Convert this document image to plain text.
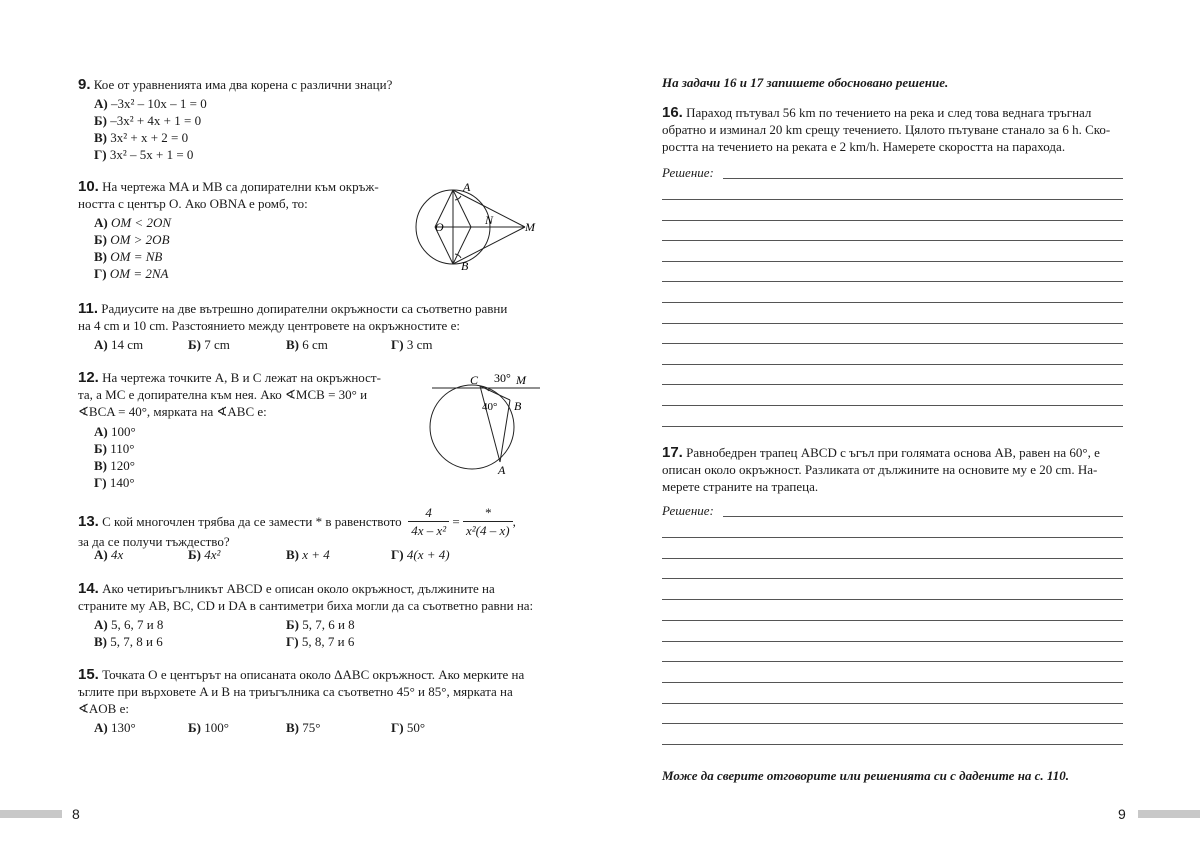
9. Кое от уравненията има два корена с различни знаци?
А) –3x² – 10x – 1 = 0
Б) –3x² + 4x + 1 = 0
В) 3x² + x + 2 = 0
Г) 3x² – 5x + 1 = 0
10. На чертежа MA и MB са допирателни към окръж-
ността с център O. Ако OBNA е ромб, то:
А) OM < 2ON
Б) OM > 2OB
В) OM = NB
Г) OM = 2NA
A
B
O	N	M
11. Радиусите на две вътрешно допирателни окръжности са съответно равни
на 4 cm и 10 cm. Разстоянието между центровете на окръжностите е:
А) 14 cm	Б) 7 cm	В) 6 cm	Г) 3 cm
12. На чертежа точките A, B и C лежат на окръжност-
та, а MC е допирателна към нея. Ако ∢MCB = 30° и
∢BCA = 40°, мярката на ∢ABC е:
А) 100°
Б) 110°
В) 120°
Г) 140°
C 30° M
B
40°
A
13.
С кой многочлен трябва да се замести * в равенството
$\frac{4}{\text{4x – x²}} = \frac{*}{\text{x²(4 – x)}}$ ,
за да се получи тъждество?
А) 4x	Б) 4x²	В) x + 4	Г) 4(x + 4)
14. Ако четириъгълникът ABCD е описан около окръжност, дължините на
страните му AB, BC, CD и DA в сантиметри биха могли да са съответно равни на:
А) 5, 6, 7 и 8	Б) 5, 7, 6 и 8
В) 5, 7, 8 и 6	Г) 5, 8, 7 и 6
15. Точката O е центърът на описаната около ΔABC окръжност. Ако мерките на
ъглите при върховете A и B на триъгълника са съответно 45° и 85°, мярката на
∢AOB е:
А) 130°	Б) 100°	В) 75°	Г) 50°
8
На задачи 16 и 17 запишете обосновано решение.
16. Параход пътувал 56 km по течението на река и след това веднага тръгнал
обратно и изминал 20 km срещу течението. Цялото пътуване станало за 6 h. Ско-
ростта на течението на реката е 2 km/h. Намерете скоростта на парахода.
Решение:
17. Равнобедрен трапец ABCD с ъгъл при голямата основа AB, равен на 60°, е
описан около окръжност. Разликата от дължините на основите му е 20 cm. На-
мерете страните на трапеца.
Решение:
Може да сверите отговорите или решенията си с дадените на с. 110.
9
